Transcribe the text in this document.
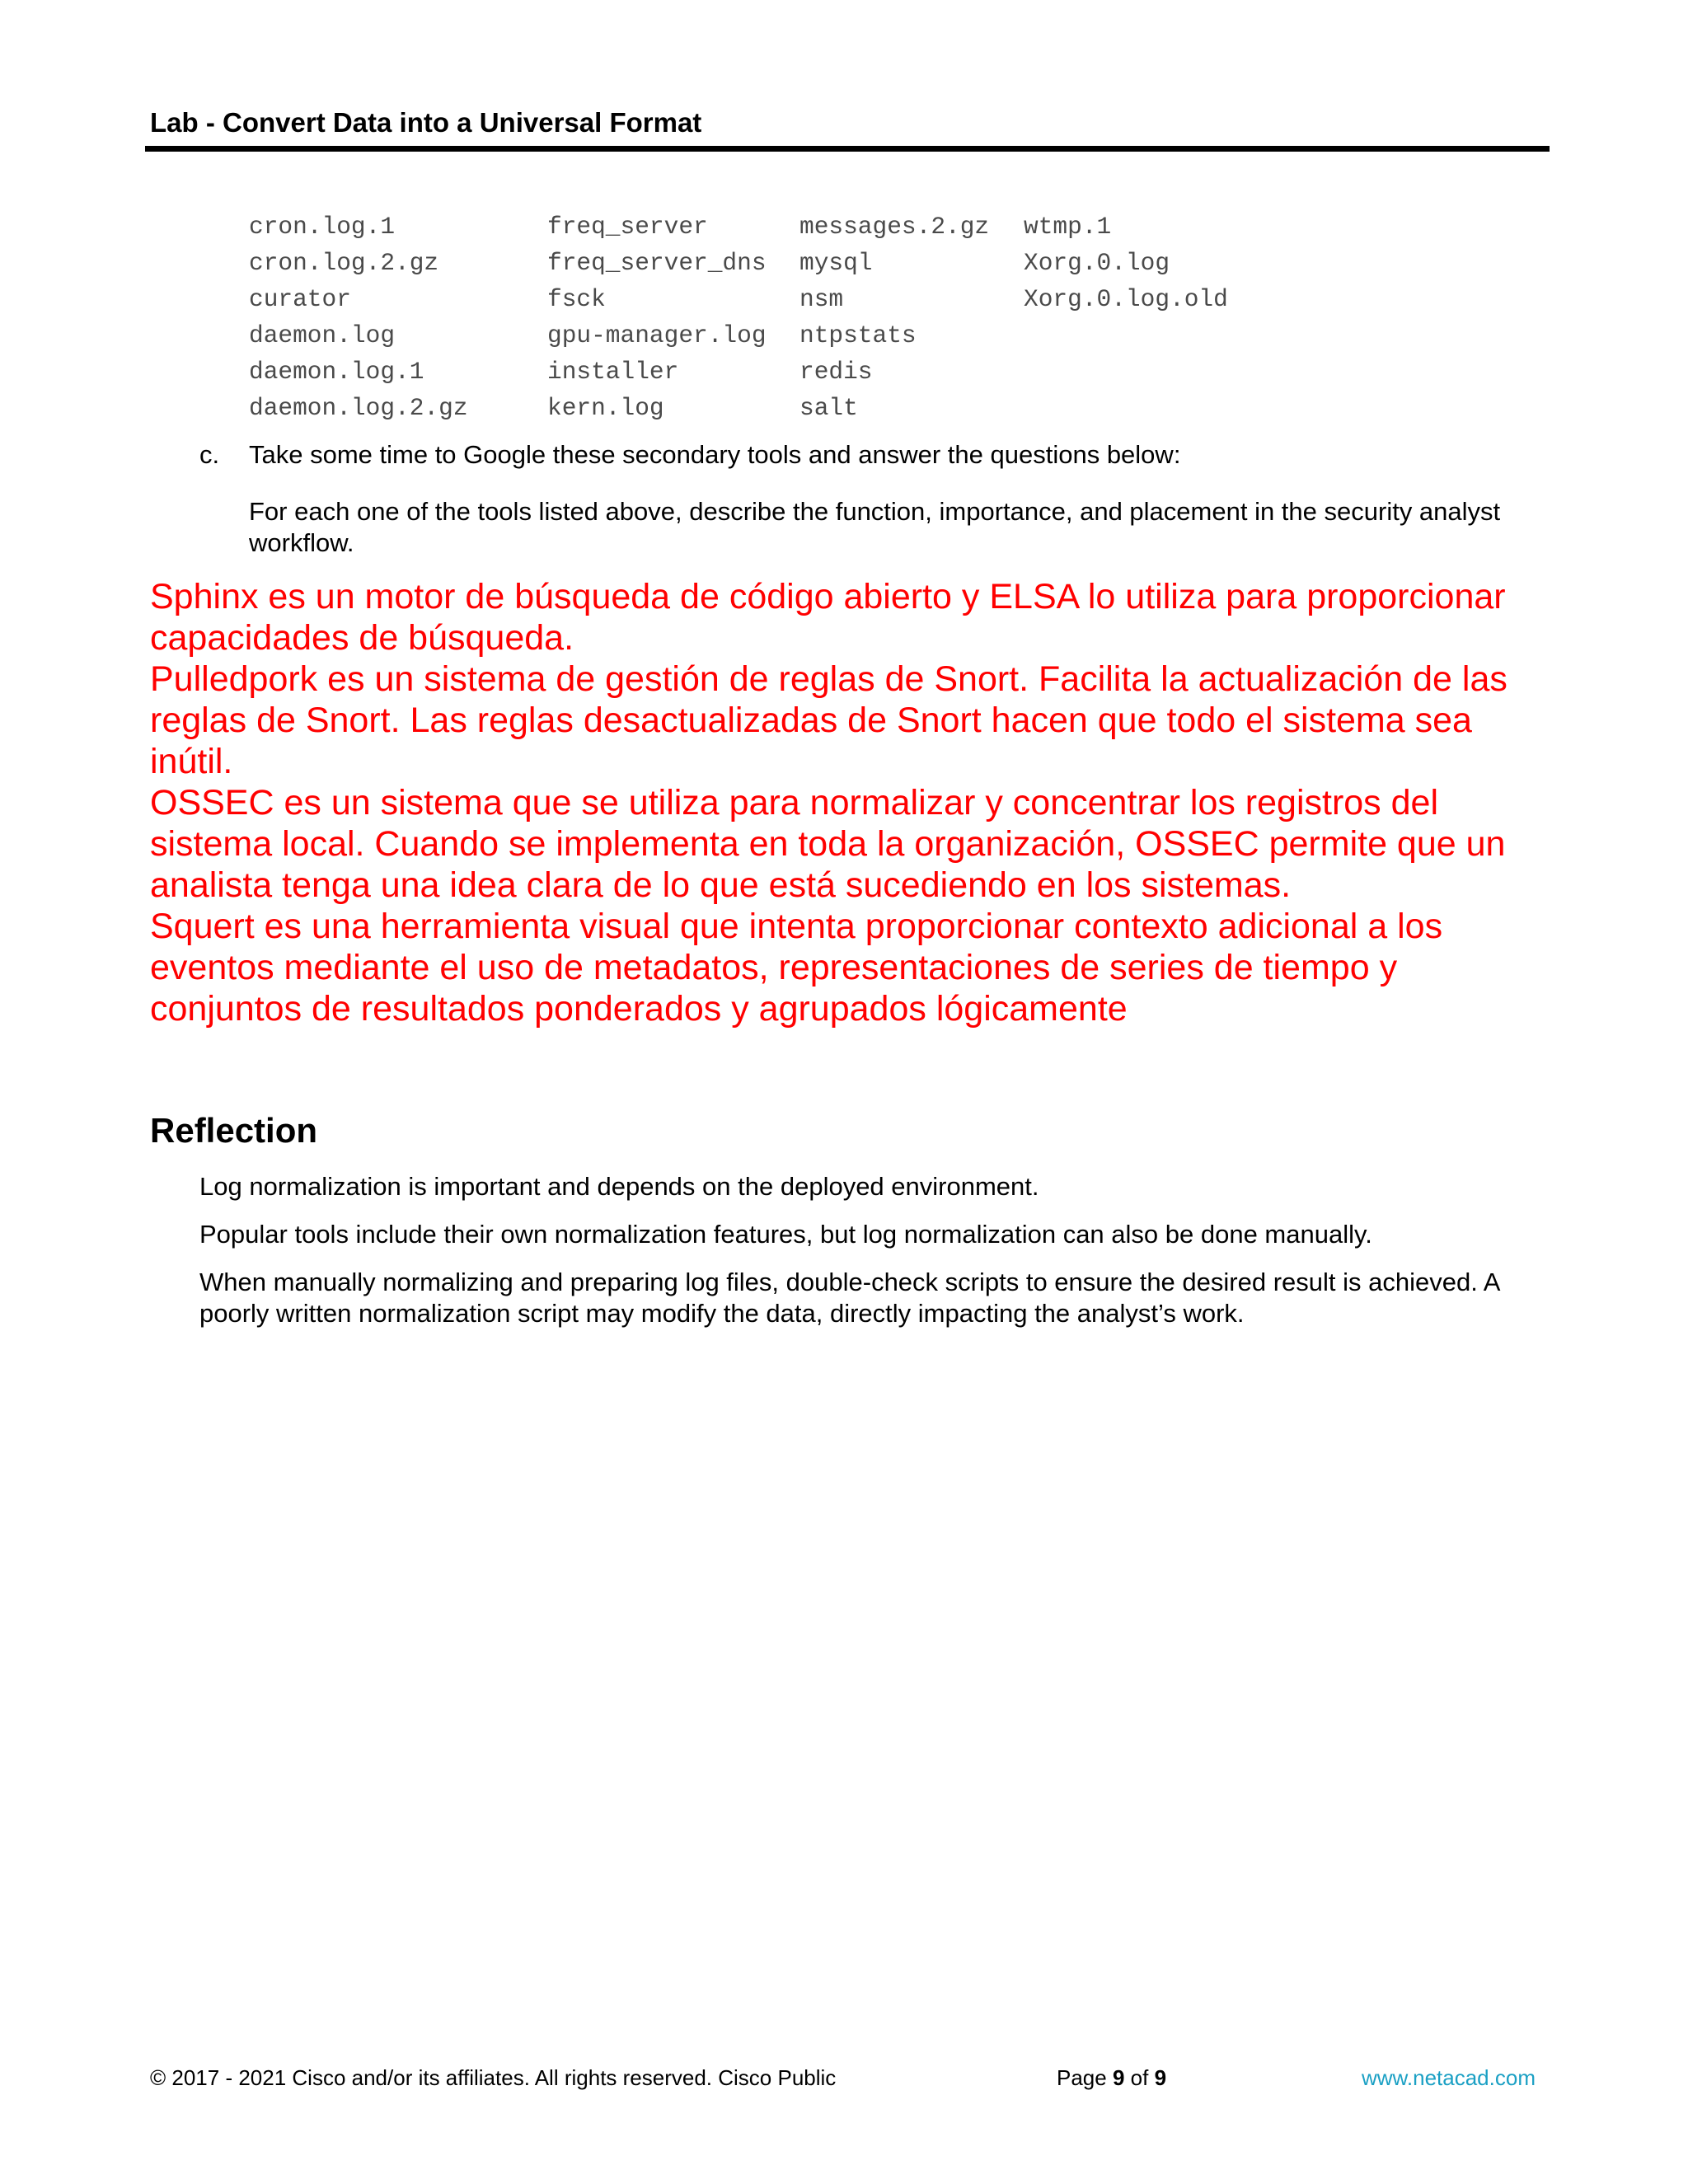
Lab - Convert Data into a Universal Format
cron.log.1	freq_server	messages.2.gz	wtmp.1
cron.log.2.gz	freq_server_dns	mysql	Xorg.0.log
curator	fsck	nsm	Xorg.0.log.old
daemon.log	gpu-manager.log	ntpstats
daemon.log.1	installer	redis
daemon.log.2.gz	kern.log	salt
c.	Take some time to Google these secondary tools and answer the questions below:
For each one of the tools listed above, describe the function, importance, and placement in the security analyst workflow.

Sphinx es un motor de búsqueda de código abierto y ELSA lo utiliza para proporcionar capacidades de búsqueda.

Pulledpork es un sistema de gestión de reglas de Snort. Facilita la actualización de las reglas de Snort. Las reglas desactualizadas de Snort hacen que todo el sistema sea inútil.

OSSEC es un sistema que se utiliza para normalizar y concentrar los registros del sistema local. Cuando se implementa en toda la organización, OSSEC permite que un analista tenga una idea clara de lo que está sucediendo en los sistemas.

Squert es una herramienta visual que intenta proporcionar contexto adicional a los eventos mediante el uso de metadatos, representaciones de series de tiempo y conjuntos de resultados ponderados y agrupados lógicamente

Reflection

Log normalization is important and depends on the deployed environment.

Popular tools include their own normalization features, but log normalization can also be done manually.

When manually normalizing and preparing log files, double-check scripts to ensure the desired result is achieved. A poorly written normalization script may modify the data, directly impacting the analyst’s work.

© 2017 - 2021 Cisco and/or its affiliates. All rights reserved. Cisco Public	Page 9 of 9	www.netacad.com
